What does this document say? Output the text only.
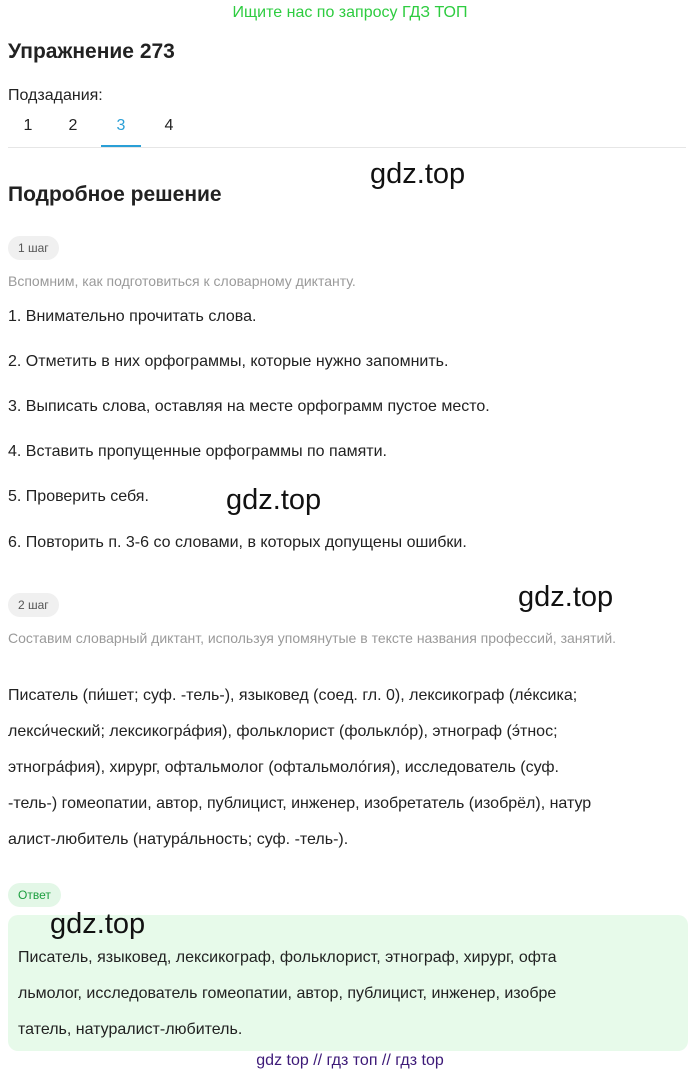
Ищите нас по запросу ГДЗ ТОП
Упражнение 273
Подзадания:
1	2	3	4
gdz.top
Подробное решение
1 шаг
Вспомним, как подготовиться к словарному диктанту.
1. Внимательно прочитать слова.
2. Отметить в них орфограммы, которые нужно запомнить.
3. Выписать слова, оставляя на месте орфограмм пустое место.
4. Вставить пропущенные орфограммы по памяти.
5. Проверить себя.
6. Повторить п. 3-6 со словами, в которых допущены ошибки.
gdz.top
2 шаг	gdz.top
Составим словарный диктант, используя упомянутые в тексте названия профессий, занятий.
Писатель (пи́шет; суф. -тель-), языковед (соед. гл. 0), лексикограф (ле́ксика;
лекси́ческий; лексикогра́фия), фольклорист (фолькло́р), этнограф (э́тнос;
этногра́фия), хирург, офтальмолог (офтальмоло́гия), исследователь (суф.
-тель-) гомеопатии, автор, публицист, инженер, изобретатель (изобрёл), натур
алист-любитель (натура́льность; суф. -тель-).
Ответ
gdz.top
Писатель, языковед, лексикограф, фольклорист, этнограф, хирург, офта
льмолог, исследователь гомеопатии, автор, публицист, инженер, изобре
татель, натуралист-любитель.
gdz top // гдз топ // гдз top
